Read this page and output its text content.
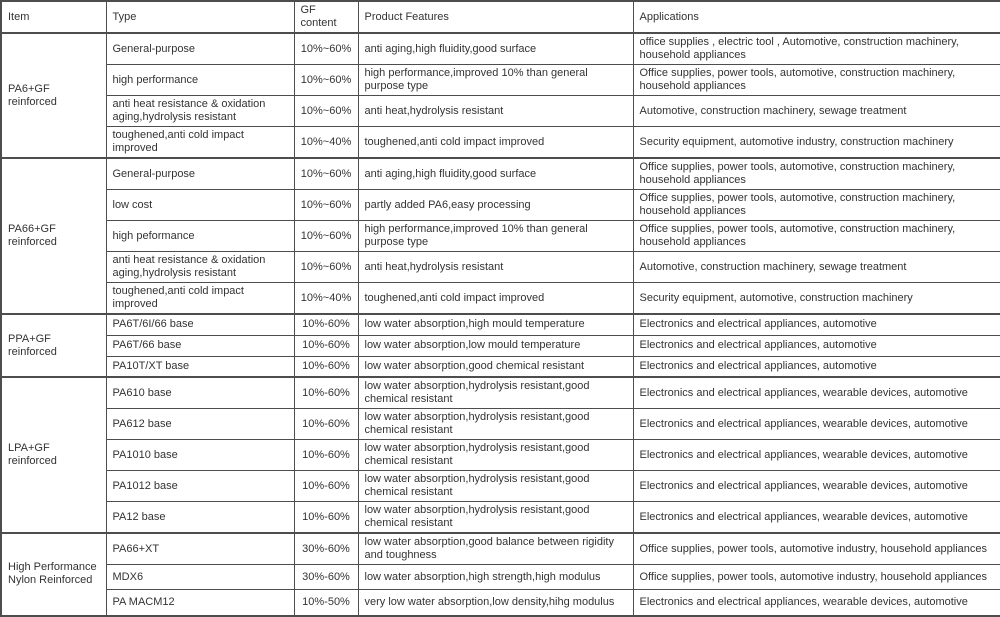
Item	Type	GF content	Product Features	Applications
PA6+GF reinforced	General-purpose	10%~60%	anti aging,high fluidity,good surface	office supplies , electric tool , Automotive, construction machinery, household appliances
	high performance	10%~60%	high performance,improved 10% than general purpose type	Office supplies, power tools, automotive, construction machinery, household appliances
	anti heat resistance & oxidation aging,hydrolysis resistant	10%~60%	anti heat,hydrolysis resistant	Automotive, construction machinery, sewage treatment
	toughened,anti cold impact improved	10%~40%	toughened,anti cold impact improved	Security equipment, automotive industry, construction machinery
PA66+GF reinforced	General-purpose	10%~60%	anti aging,high fluidity,good surface	Office supplies, power tools, automotive, construction machinery, household appliances
	low cost	10%~60%	partly added PA6,easy processing	Office supplies, power tools, automotive, construction machinery, household appliances
	high peformance	10%~60%	high performance,improved 10% than general purpose type	Office supplies, power tools, automotive, construction machinery, household appliances
	anti heat resistance & oxidation aging,hydrolysis resistant	10%~60%	anti heat,hydrolysis resistant	Automotive, construction machinery, sewage treatment
	toughened,anti cold impact improved	10%~40%	toughened,anti cold impact improved	Security equipment, automotive, construction machinery
PPA+GF reinforced	PA6T/6I/66 base	10%-60%	low water absorption,high mould temperature	Electronics and electrical appliances, automotive
	PA6T/66 base	10%-60%	low water absorption,low mould temperature	Electronics and electrical appliances, automotive
	PA10T/XT base	10%-60%	low water absorption,good chemical resistant	Electronics and electrical appliances, automotive
LPA+GF reinforced	PA610 base	10%-60%	low water absorption,hydrolysis resistant,good chemical resistant	Electronics and electrical appliances, wearable devices, automotive
	PA612 base	10%-60%	low water absorption,hydrolysis resistant,good chemical resistant	Electronics and electrical appliances, wearable devices, automotive
	PA1010 base	10%-60%	low water absorption,hydrolysis resistant,good chemical resistant	Electronics and electrical appliances, wearable devices, automotive
	PA1012 base	10%-60%	low water absorption,hydrolysis resistant,good chemical resistant	Electronics and electrical appliances, wearable devices, automotive
	PA12 base	10%-60%	low water absorption,hydrolysis resistant,good chemical resistant	Electronics and electrical appliances, wearable devices, automotive
High Performance Nylon Reinforced	PA66+XT	30%-60%	low water absorption,good balance between rigidity and toughness	Office supplies, power tools, automotive industry, household appliances
	MDX6	30%-60%	low water absorption,high strength,high modulus	Office supplies, power tools, automotive industry, household appliances
	PA MACM12	10%-50%	very low water absorption,low density,hihg modulus	Electronics and electrical appliances, wearable devices, automotive
